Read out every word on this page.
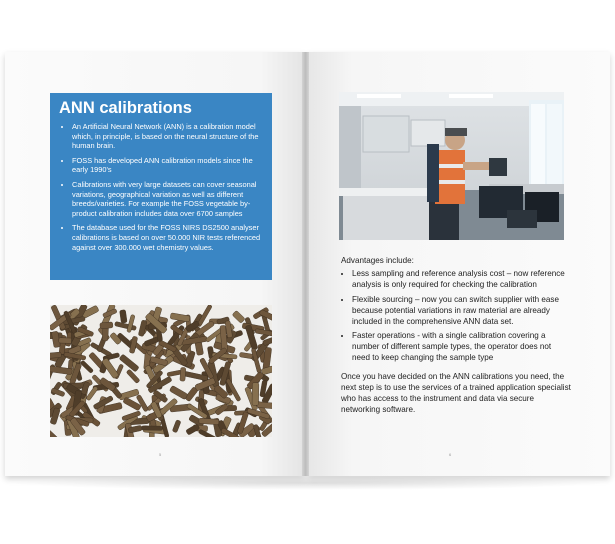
ANN calibrations
• An Artificial Neural Network (ANN) is a calibration model which, in principle, is based on the neural structure of the human brain.
• FOSS has developed ANN calibration models since the early 1990's
• Calibrations with very large datasets can cover seasonal variations, geographical variation as well as different breeds/varieties. For example the FOSS vegetable by-product calibration includes data over 6700 samples
• The database used for the FOSS NIRS DS2500 analyser calibrations is based on over 50.000 NIR tests referenced against over 300.000 wet chemistry values.

Advantages include:

• Less sampling and reference analysis cost – now reference analysis is only required for checking the calibration
• Flexible sourcing – now you can switch supplier with ease because potential variations in raw material are already included in the comprehensive ANN data set.
• Faster operations - with a single calibration covering a number of different sample types, the operator does not need to keep changing the sample type

Once you have decided on the ANN calibrations you need, the next step is to use the services of a trained application specialist who has access to the instrument and data via secure networking software.

5	6
